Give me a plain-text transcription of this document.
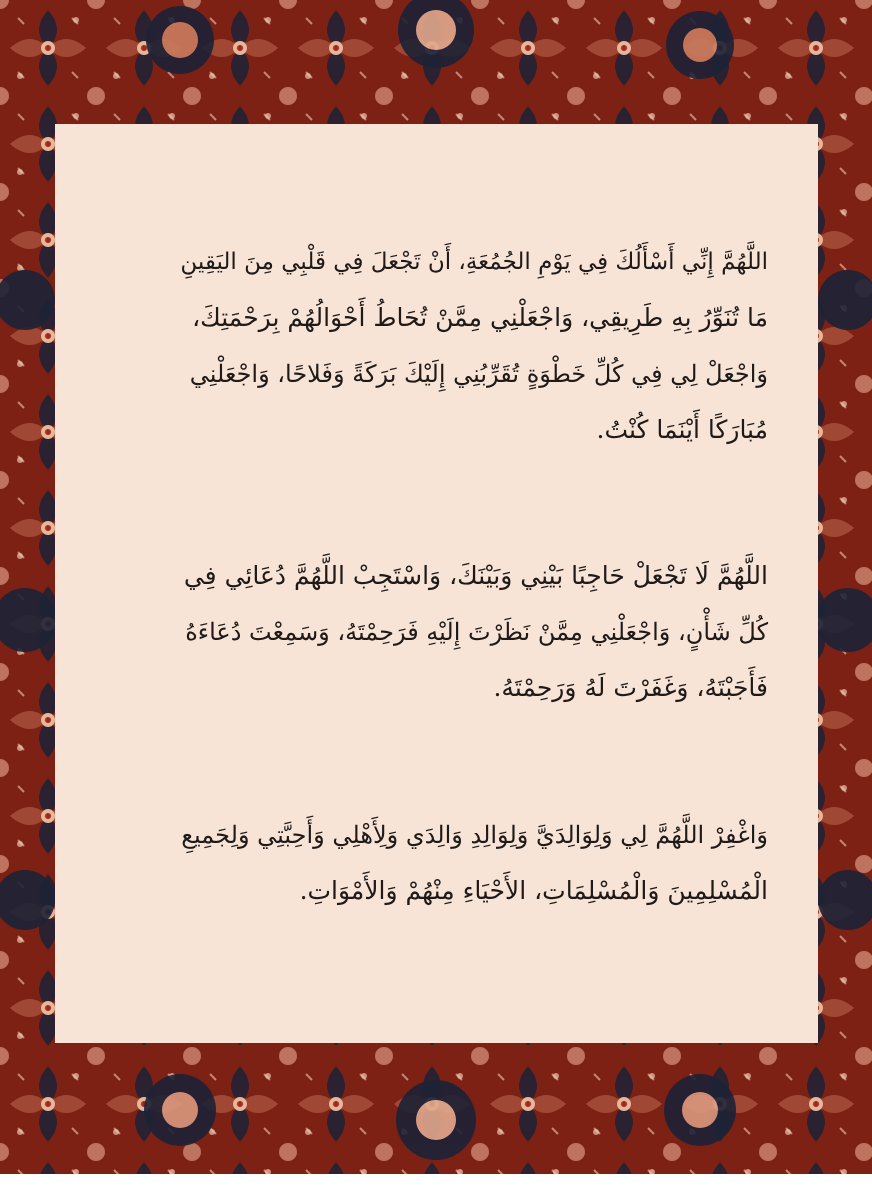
اللَّهُمَّ إِنِّي أَسْأَلُكَ فِي يَوْمِ الجُمُعَةِ، أَنْ تَجْعَلَ فِي قَلْبِي مِنَ اليَقِينِ
مَا تُنَوِّرُ بِهِ طَرِيقِي، وَاجْعَلْنِي مِمَّنْ تُحَاطُ أَحْوَالُهُمْ بِرَحْمَتِكَ،
وَاجْعَلْ لِي فِي كُلِّ خَطْوَةٍ تُقَرِّبُنِي إِلَيْكَ بَرَكَةً وَفَلاحًا، وَاجْعَلْنِي
مُبَارَكًا أَيْنَمَا كُنْتُ.
اللَّهُمَّ لَا تَجْعَلْ حَاجِبًا بَيْنِي وَبَيْنَكَ، وَاسْتَجِبْ اللَّهُمَّ دُعَائِي فِي
كُلِّ شَأْنٍ، وَاجْعَلْنِي مِمَّنْ نَظَرْتَ إِلَيْهِ فَرَحِمْتَهُ، وَسَمِعْتَ دُعَاءَهُ
فَأَجَبْتَهُ، وَغَفَرْتَ لَهُ وَرَحِمْتَهُ.
وَاغْفِرْ اللَّهُمَّ لِي وَلِوَالِدَيَّ وَلِوَالِدِ وَالِدَي وَلِأَهْلِي وَأَحِبَّتِي وَلِجَمِيعِ
الْمُسْلِمِينَ وَالْمُسْلِمَاتِ، الأَحْيَاءِ مِنْهُمْ وَالأَمْوَاتِ.
